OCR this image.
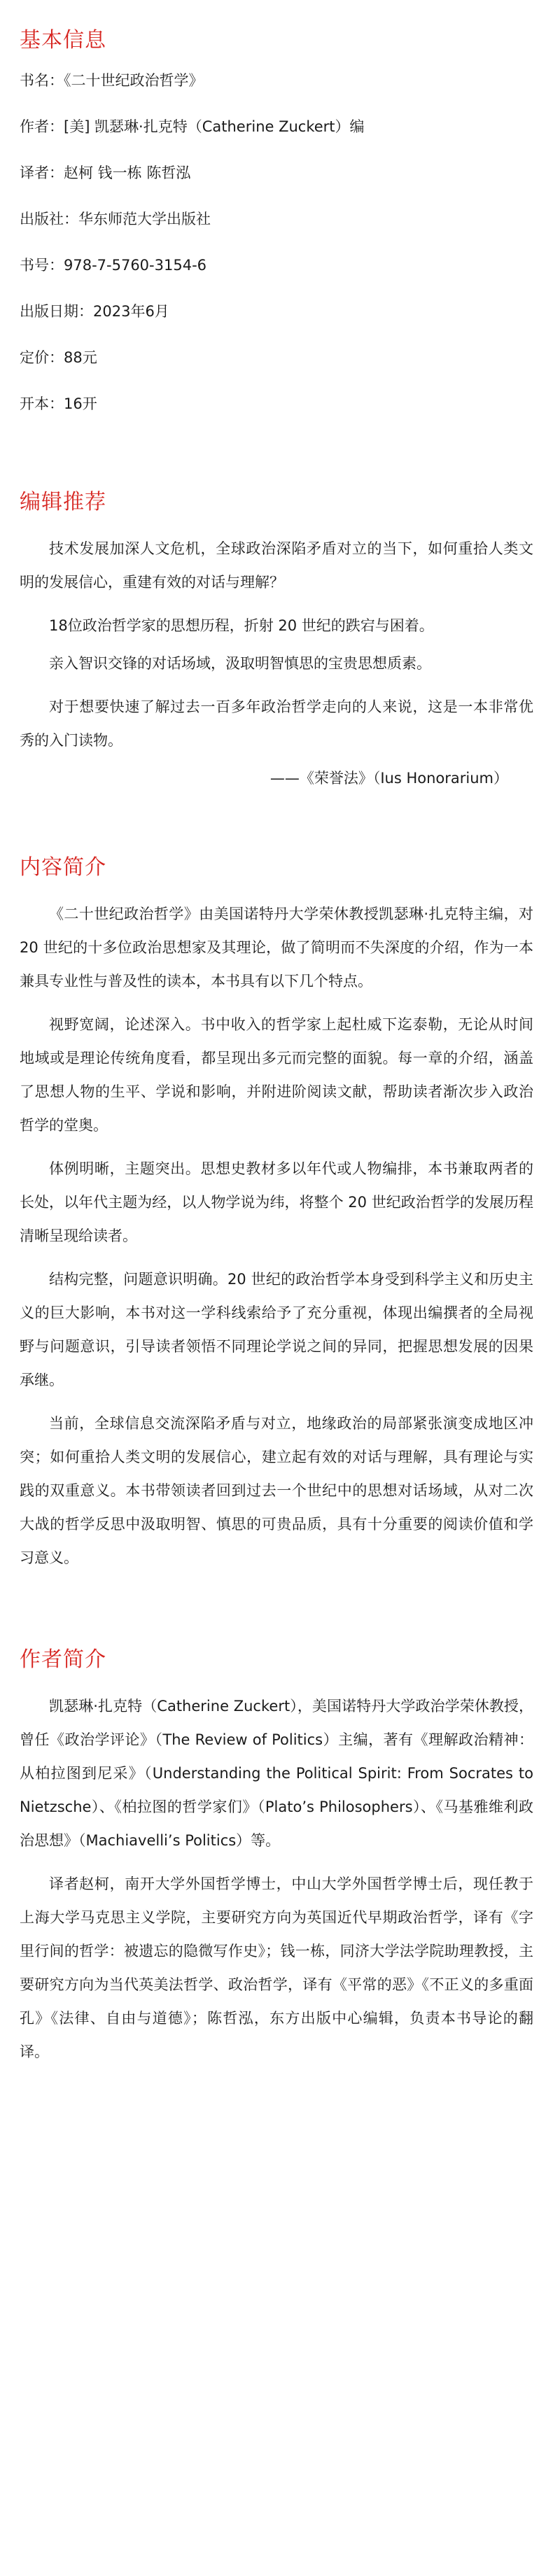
基本信息
书名：《二十世纪政治哲学》
作者：[美] 凯瑟琳·扎克特（Catherine Zuckert）编
译者：赵柯 钱一栋 陈哲泓
出版社：华东师范大学出版社
书号：978-7-5760-3154-6
出版日期：2023年6月
定价：88元
开本：16开
编辑推荐

技术发展加深人文危机，全球政治深陷矛盾对立的当下，如何重拾人类文明的发展信心，重建有效的对话与理解？

18位政治哲学家的思想历程，折射 20 世纪的跌宕与困着。

亲入智识交锋的对话场域，汲取明智慎思的宝贵思想质素。

对于想要快速了解过去一百多年政治哲学走向的人来说，这是一本非常优秀的入门读物。

——《荣誉法》（Ius Honorarium）

内容简介

《二十世纪政治哲学》由美国诺特丹大学荣休教授凯瑟琳·扎克特主编，对 20 世纪的十多位政治思想家及其理论，做了简明而不失深度的介绍，作为一本兼具专业性与普及性的读本，本书具有以下几个特点。

视野宽阔，论述深入。书中收入的哲学家上起杜威下迄泰勒，无论从时间地域或是理论传统角度看，都呈现出多元而完整的面貌。每一章的介绍，涵盖了思想人物的生平、学说和影响，并附进阶阅读文献，帮助读者渐次步入政治哲学的堂奥。

体例明晰，主题突出。思想史教材多以年代或人物编排，本书兼取两者的长处，以年代主题为经，以人物学说为纬，将整个 20 世纪政治哲学的发展历程清晰呈现给读者。

结构完整，问题意识明确。20 世纪的政治哲学本身受到科学主义和历史主义的巨大影响，本书对这一学科线索给予了充分重视，体现出编撰者的全局视野与问题意识，引导读者领悟不同理论学说之间的异同，把握思想发展的因果承继。

当前，全球信息交流深陷矛盾与对立，地缘政治的局部紧张演变成地区冲突；如何重拾人类文明的发展信心，建立起有效的对话与理解，具有理论与实践的双重意义。本书带领读者回到过去一个世纪中的思想对话场域，从对二次大战的哲学反思中汲取明智、慎思的可贵品质，具有十分重要的阅读价值和学习意义。

作者简介

凯瑟琳·扎克特（Catherine Zuckert），美国诺特丹大学政治学荣休教授，曾任《政治学评论》（The Review of Politics）主编，著有《理解政治精神：从柏拉图到尼采》（Understanding the Political Spirit: From Socrates to Nietzsche）、《柏拉图的哲学家们》（Plato’s Philosophers）、《马基雅维利政治思想》（Machiavelli’s Politics）等。

译者赵柯，南开大学外国哲学博士，中山大学外国哲学博士后，现任教于上海大学马克思主义学院，主要研究方向为英国近代早期政治哲学，译有《字里行间的哲学：被遗忘的隐微写作史》；钱一栋，同济大学法学院助理教授，主要研究方向为当代英美法哲学、政治哲学，译有《平常的恶》《不正义的多重面孔》《法律、自由与道德》；陈哲泓，东方出版中心编辑，负责本书导论的翻译。
